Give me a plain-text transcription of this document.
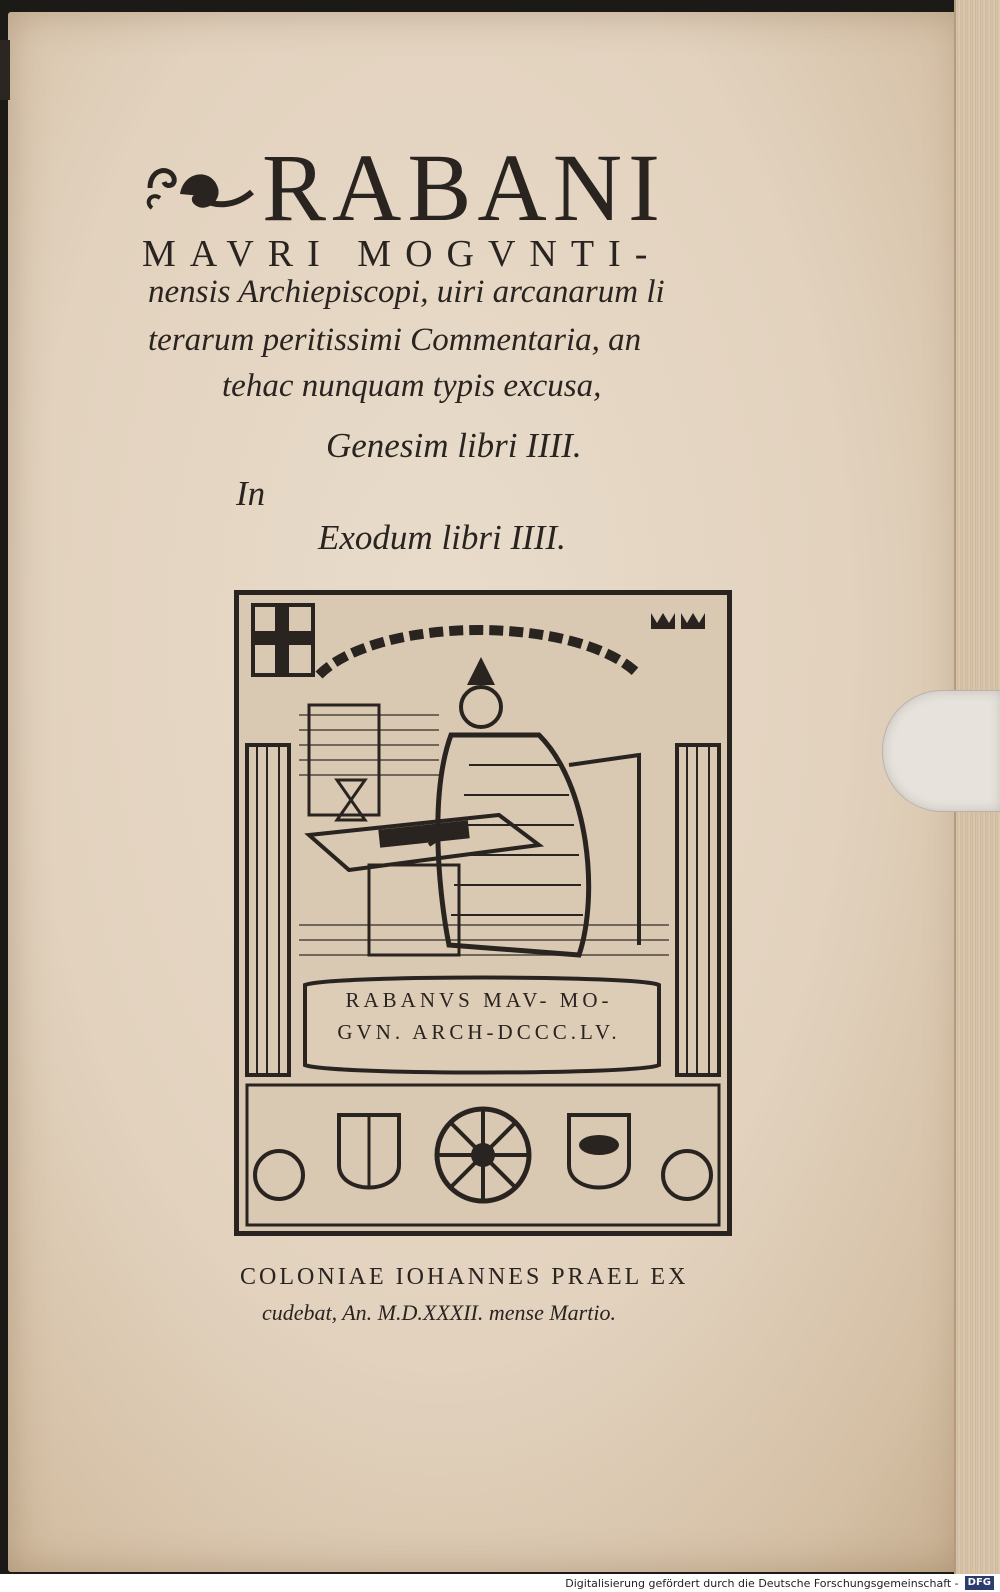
RABANI
MAVRI MOGVNTI-
nensis Archiepiscopi, uiri arcanarum li
terarum peritissimi Commentaria, an
tehac nunquam typis excusa,
Genesim libri IIII.
In
Exodum libri IIII.
RABANVS MAV- MO-
GVN. ARCH-DCCC.LV.
COLONIAE IOHANNES PRAEL EX
cudebat, An. M.D.XXXII. mense Martio.
Digitalisierung gefördert durch die Deutsche Forschungsgemeinschaft - DFG
